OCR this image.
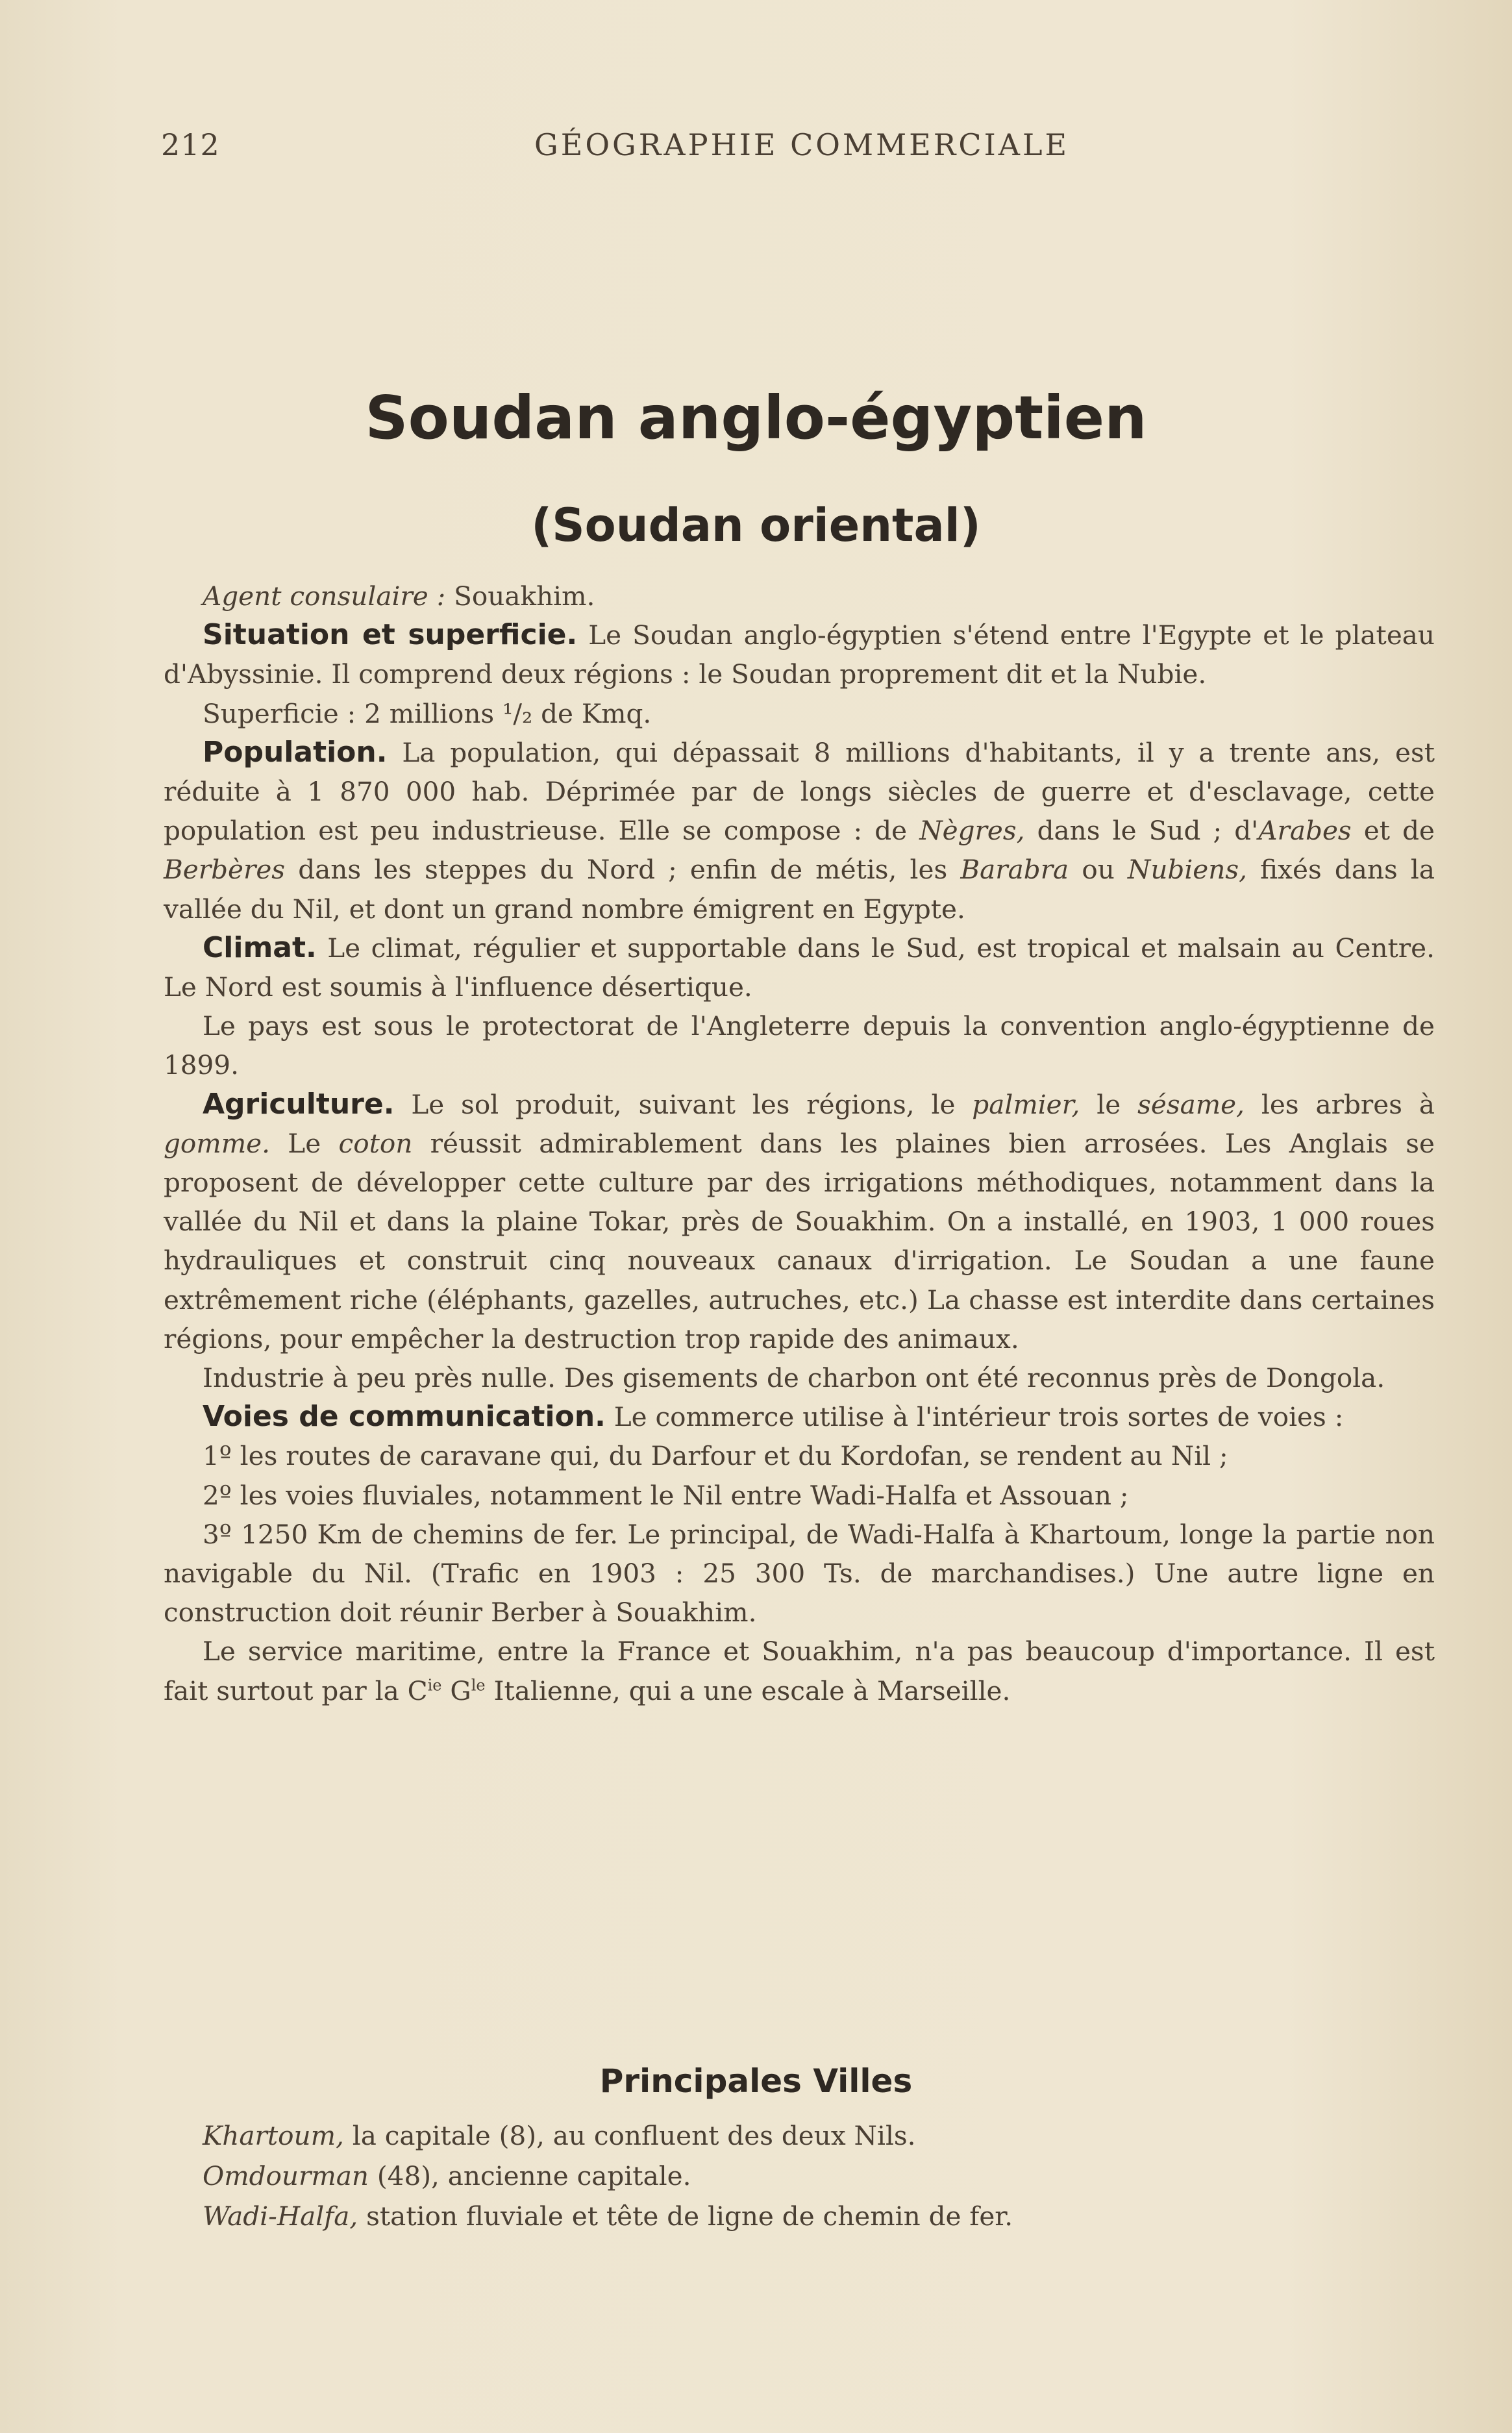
212	GÉOGRAPHIE COMMERCIALE
Soudan anglo-égyptien
(Soudan oriental)

Agent consulaire : Souakhim.

Situation et superficie. Le Soudan anglo-égyptien s'étend entre l'Egypte et le plateau d'Abyssinie. Il comprend deux régions : le Soudan proprement dit et la Nubie.

Superficie : 2 millions ¹/₂ de Kmq.

Population. La population, qui dépassait 8 millions d'habitants, il y a trente ans, est réduite à 1 870 000 hab. Déprimée par de longs siècles de guerre et d'esclavage, cette population est peu industrieuse. Elle se compose : de Nègres, dans le Sud ; d'Arabes et de Berbères dans les steppes du Nord ; enfin de métis, les Barabra ou Nubiens, fixés dans la vallée du Nil, et dont un grand nombre émigrent en Egypte.

Climat. Le climat, régulier et supportable dans le Sud, est tropical et malsain au Centre. Le Nord est soumis à l'influence désertique.

Le pays est sous le protectorat de l'Angleterre depuis la convention anglo-égyptienne de 1899.

Agriculture. Le sol produit, suivant les régions, le palmier, le sésame, les arbres à gomme. Le coton réussit admirablement dans les plaines bien arrosées. Les Anglais se proposent de développer cette culture par des irrigations méthodiques, notamment dans la vallée du Nil et dans la plaine Tokar, près de Souakhim. On a installé, en 1903, 1 000 roues hydrauliques et construit cinq nouveaux canaux d'irrigation. Le Soudan a une faune extrêmement riche (éléphants, gazelles, autruches, etc.) La chasse est interdite dans certaines régions, pour empêcher la destruction trop rapide des animaux.

Industrie à peu près nulle. Des gisements de charbon ont été reconnus près de Dongola.

Voies de communication. Le commerce utilise à l'intérieur trois sortes de voies :

1º les routes de caravane qui, du Darfour et du Kordofan, se rendent au Nil ;

2º les voies fluviales, notamment le Nil entre Wadi-Halfa et Assouan ;

3º 1250 Km de chemins de fer. Le principal, de Wadi-Halfa à Khartoum, longe la partie non navigable du Nil. (Trafic en 1903 : 25 300 Ts. de marchandises.) Une autre ligne en construction doit réunir Berber à Souakhim.

Le service maritime, entre la France et Souakhim, n'a pas beaucoup d'importance. Il est fait surtout par la $C^{ie}$ $G^{le}$ Italienne, qui a une escale à Marseille.

Principales Villes
Khartoum, la capitale (8), au confluent des deux Nils.
Omdourman (48), ancienne capitale.
Wadi-Halfa, station fluviale et tête de ligne de chemin de fer.
